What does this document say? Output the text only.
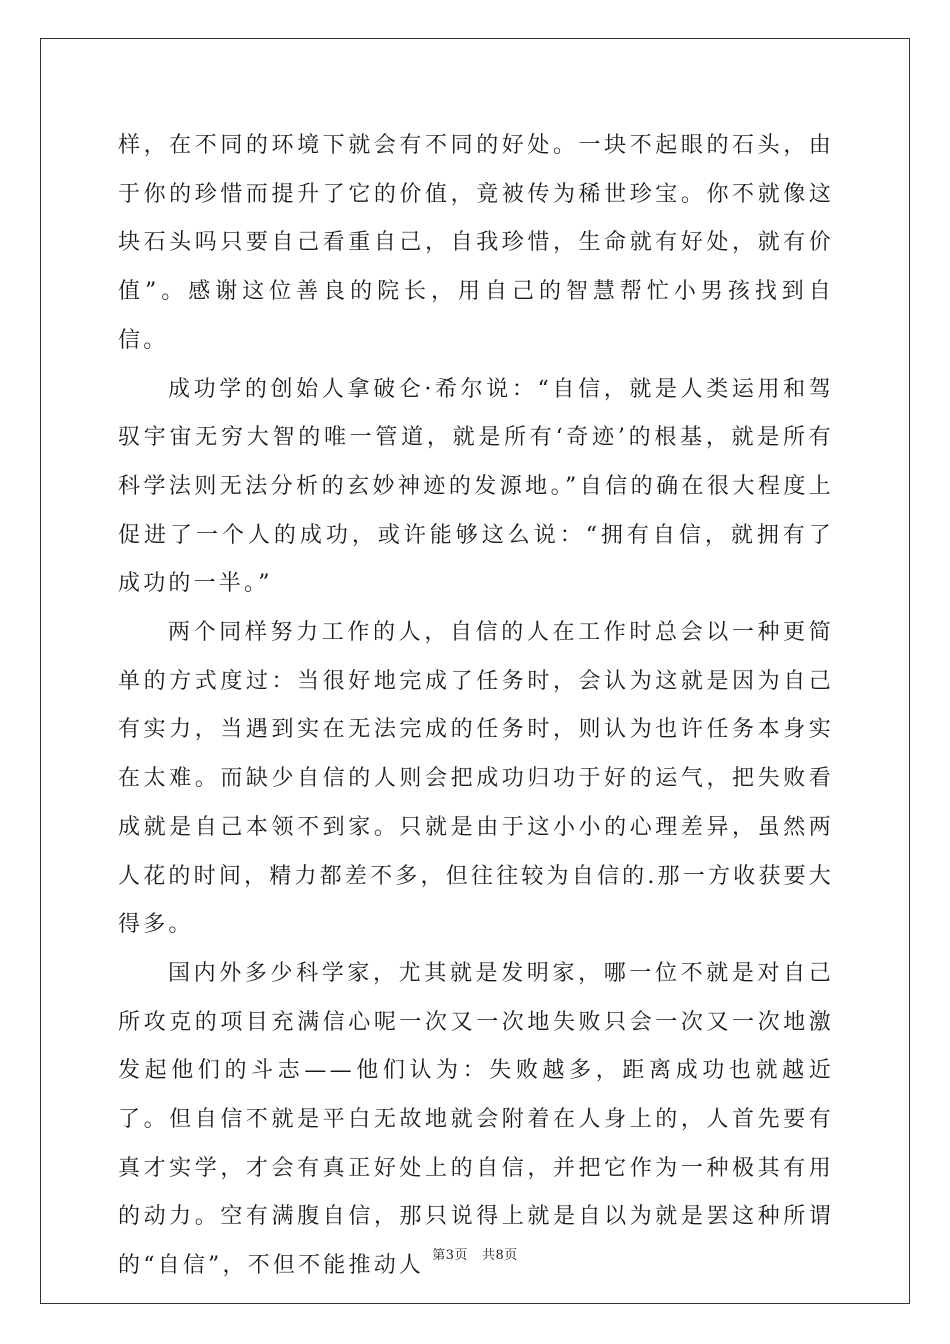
样，在不同的环境下就会有不同的好处。一块不起眼的石头，由于你的珍惜而提升了它的价值，竟被传为稀世珍宝。你不就像这块石头吗只要自己看重自己，自我珍惜，生命就有好处，就有价值”。感谢这位善良的院长，用自己的智慧帮忙小男孩找到自信。

成功学的创始人拿破仑·希尔说：“自信，就是人类运用和驾驭宇宙无穷大智的唯一管道，就是所有‘奇迹’的根基，就是所有科学法则无法分析的玄妙神迹的发源地。”自信的确在很大程度上促进了一个人的成功，或许能够这么说：“拥有自信，就拥有了成功的一半。”

两个同样努力工作的人，自信的人在工作时总会以一种更简单的方式度过：当很好地完成了任务时，会认为这就是因为自己有实力，当遇到实在无法完成的任务时，则认为也许任务本身实在太难。而缺少自信的人则会把成功归功于好的运气，把失败看成就是自己本领不到家。只就是由于这小小的心理差异，虽然两人花的时间，精力都差不多，但往往较为自信的.那一方收获要大得多。

国内外多少科学家，尤其就是发明家，哪一位不就是对自己所攻克的项目充满信心呢一次又一次地失败只会一次又一次地激发起他们的斗志——他们认为：失败越多，距离成功也就越近了。但自信不就是平白无故地就会附着在人身上的，人首先要有真才实学，才会有真正好处上的自信，并把它作为一种极其有用的动力。空有满腹自信，那只说得上就是自以为就是罢这种所谓的“自信”，不但不能推动人 第3页 共8页
